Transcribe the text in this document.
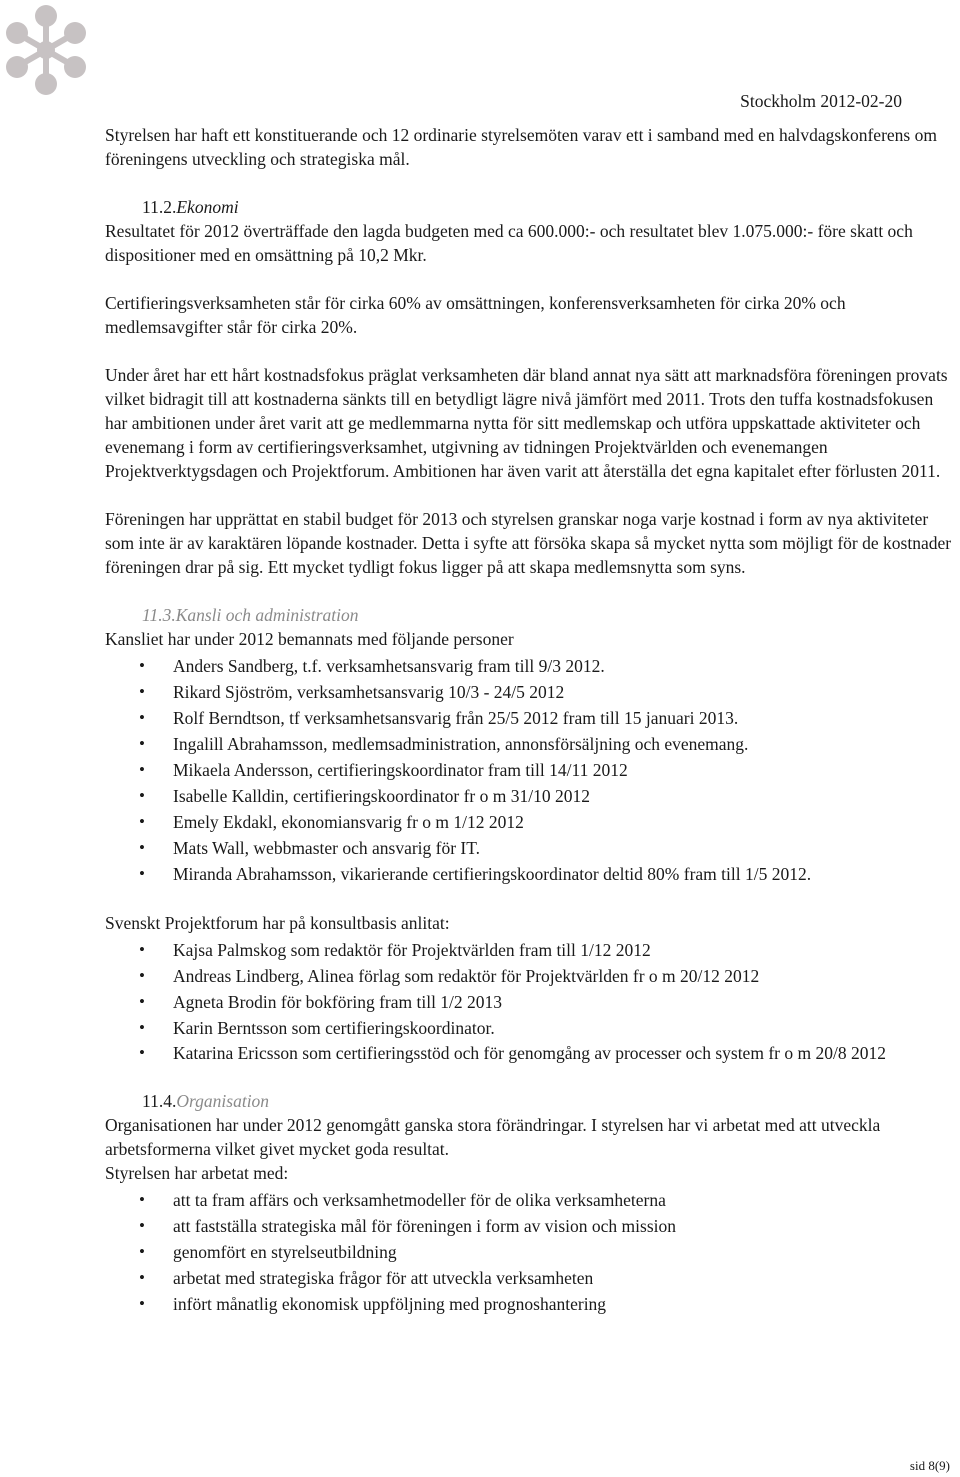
Stockholm 2012-02-20

Styrelsen har haft ett konstituerande och 12 ordinarie styrelsemöten varav ett i samband med en halvdagskonferens om föreningens utveckling och strategiska mål.

11.2.Ekonomi

Resultatet för 2012 överträffade den lagda budgeten med ca 600.000:- och resultatet blev 1.075.000:- före skatt och dispositioner med en omsättning på 10,2 Mkr.

Certifieringsverksamheten står för cirka 60% av omsättningen, konferensverksamheten för cirka 20% och medlemsavgifter står för cirka 20%.

Under året har ett hårt kostnadsfokus präglat verksamheten där bland annat nya sätt att marknadsföra föreningen provats vilket bidragit till att kostnaderna sänkts till en betydligt lägre nivå jämfört med 2011. Trots den tuffa kostnadsfokusen har ambitionen under året varit att ge medlemmarna nytta för sitt medlemskap och utföra uppskattade aktiviteter och evenemang i form av certifieringsverksamhet, utgivning av tidningen Projektvärlden och evenemangen Projektverktygsdagen och Projektforum. Ambitionen har även varit att återställa det egna kapitalet efter förlusten 2011.

Föreningen har upprättat en stabil budget för 2013 och styrelsen granskar noga varje kostnad i form av nya aktiviteter som inte är av karaktären löpande kostnader. Detta i syfte att försöka skapa så mycket nytta som möjligt för de kostnader föreningen drar på sig. Ett mycket tydligt fokus ligger på att skapa medlemsnytta som syns.

11.3.Kansli och administration

Kansliet har under 2012 bemannats med följande personer

• Anders Sandberg, t.f. verksamhetsansvarig fram till 9/3 2012.
• Rikard Sjöström, verksamhetsansvarig 10/3 - 24/5 2012
• Rolf Berndtson, tf verksamhetsansvarig från 25/5 2012 fram till 15 januari 2013.
• Ingalill Abrahamsson, medlemsadministration, annonsförsäljning och evenemang.
• Mikaela Andersson, certifieringskoordinator fram till 14/11 2012
• Isabelle Kalldin, certifieringskoordinator fr o m 31/10 2012
• Emely Ekdakl, ekonomiansvarig fr o m 1/12 2012
• Mats Wall, webbmaster och ansvarig för IT.
• Miranda Abrahamsson, vikarierande certifieringskoordinator deltid 80% fram till 1/5 2012.

Svenskt Projektforum har på konsultbasis anlitat:

• Kajsa Palmskog som redaktör för Projektvärlden fram till 1/12 2012
• Andreas Lindberg, Alinea förlag som redaktör för Projektvärlden fr o m 20/12 2012
• Agneta Brodin för bokföring fram till 1/2 2013
• Karin Berntsson som certifieringskoordinator.
• Katarina Ericsson som certifieringsstöd och för genomgång av processer och system fr o m 20/8 2012
11.4.Organisation

Organisationen har under 2012 genomgått ganska stora förändringar. I styrelsen har vi arbetat med att utveckla arbetsformerna vilket givet mycket goda resultat.

Styrelsen har arbetat med:

• att ta fram affärs och verksamhetmodeller för de olika verksamheterna
• att fastställa strategiska mål för föreningen i form av vision och mission
• genomfört en styrelseutbildning
• arbetat med strategiska frågor för att utveckla verksamheten
• infört månatlig ekonomisk uppföljning med prognoshantering
sid 8(9)
